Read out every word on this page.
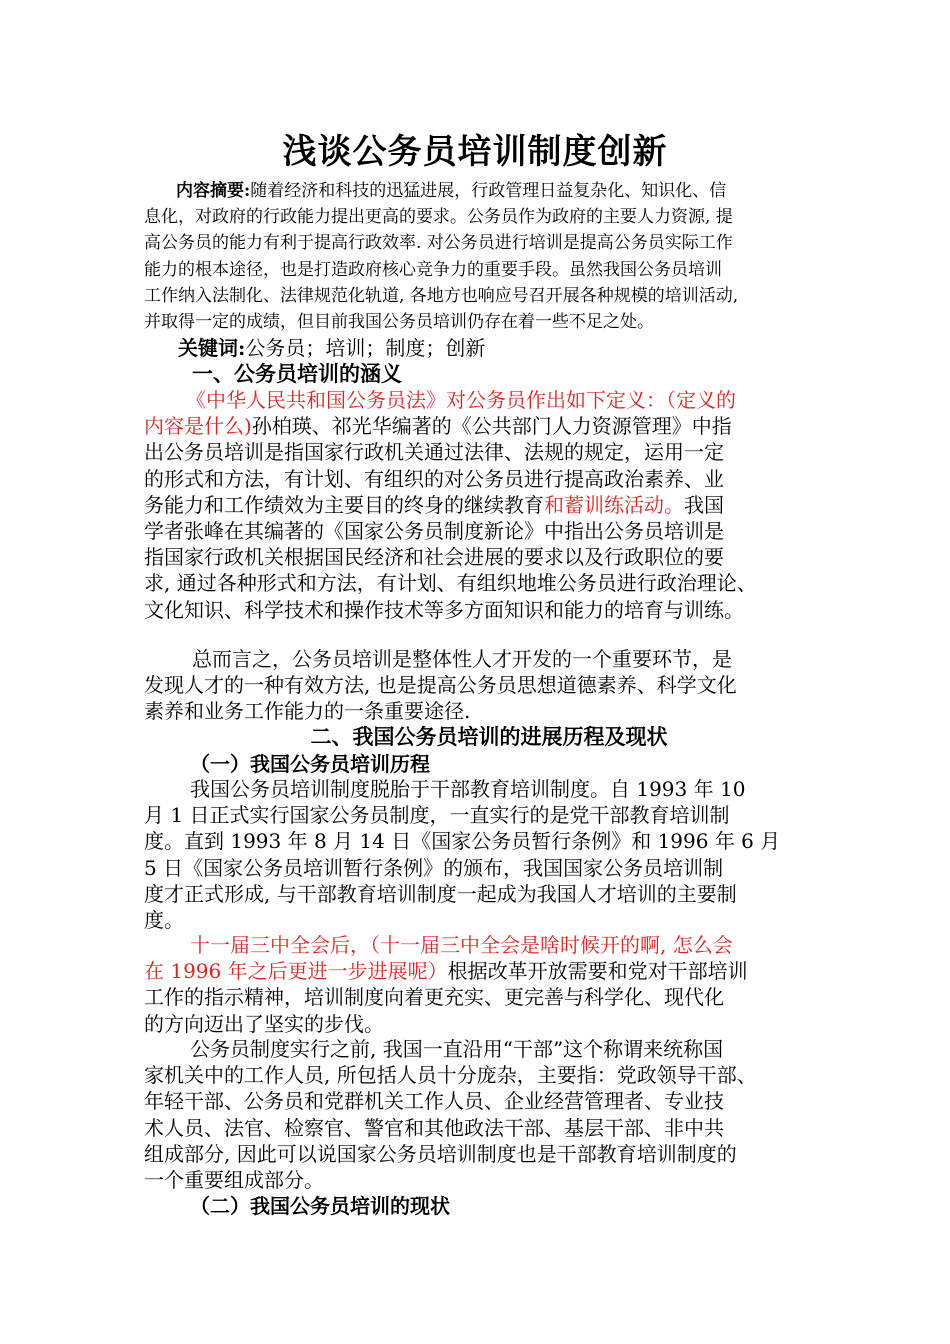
浅谈公务员培训制度创新
内容摘要:随着经济和科技的迅猛进展，行政管理日益复杂化、知识化、信
息化，对政府的行政能力提出更高的要求。公务员作为政府的主要人力资源, 提
高公务员的能力有利于提高行政效率. 对公务员进行培训是提高公务员实际工作
能力的根本途径，也是打造政府核心竞争力的重要手段。虽然我国公务员培训
工作纳入法制化、法律规范化轨道, 各地方也响应号召开展各种规模的培训活动,
并取得一定的成绩，但目前我国公务员培训仍存在着一些不足之处。
关键词:公务员；培训；制度；创新
一、公务员培训的涵义
《中华人民共和国公务员法》对公务员作出如下定义：（定义的
内容是什么)孙柏瑛、祁光华编著的《公共部门人力资源管理》中指
出公务员培训是指国家行政机关通过法律、法规的规定，运用一定
的形式和方法，有计划、有组织的对公务员进行提高政治素养、业
务能力和工作绩效为主要目的终身的继续教育和蓄训练活动。我国
学者张峰在其编著的《国家公务员制度新论》中指出公务员培训是
指国家行政机关根据国民经济和社会进展的要求以及行政职位的要
求, 通过各种形式和方法，有计划、有组织地堆公务员进行政治理论、
文化知识、科学技术和操作技术等多方面知识和能力的培育与训练。
总而言之，公务员培训是整体性人才开发的一个重要环节，是
发现人才的一种有效方法, 也是提高公务员思想道德素养、科学文化
素养和业务工作能力的一条重要途径.
二、我国公务员培训的进展历程及现状
（一）我国公务员培训历程
我国公务员培训制度脱胎于干部教育培训制度。自 1993 年 10
月 1 日正式实行国家公务员制度，一直实行的是党干部教育培训制
度。直到 1993 年 8 月 14 日《国家公务员暂行条例》和 1996 年 6 月
5 日《国家公务员培训暂行条例》的颁布，我国国家公务员培训制
度才正式形成, 与干部教育培训制度一起成为我国人才培训的主要制
度。
十一届三中全会后，（十一届三中全会是啥时候开的啊, 怎么会
在 1996 年之后更进一步进展呢）根据改革开放需要和党对干部培训
工作的指示精神，培训制度向着更充实、更完善与科学化、现代化
的方向迈出了坚实的步伐。
公务员制度实行之前, 我国一直沿用“干部”这个称谓来统称国
家机关中的工作人员, 所包括人员十分庞杂，主要指：党政领导干部、
年轻干部、公务员和党群机关工作人员、企业经营管理者、专业技
术人员、法官、检察官、警官和其他政法干部、基层干部、非中共
组成部分, 因此可以说国家公务员培训制度也是干部教育培训制度的
一个重要组成部分。
（二）我国公务员培训的现状
